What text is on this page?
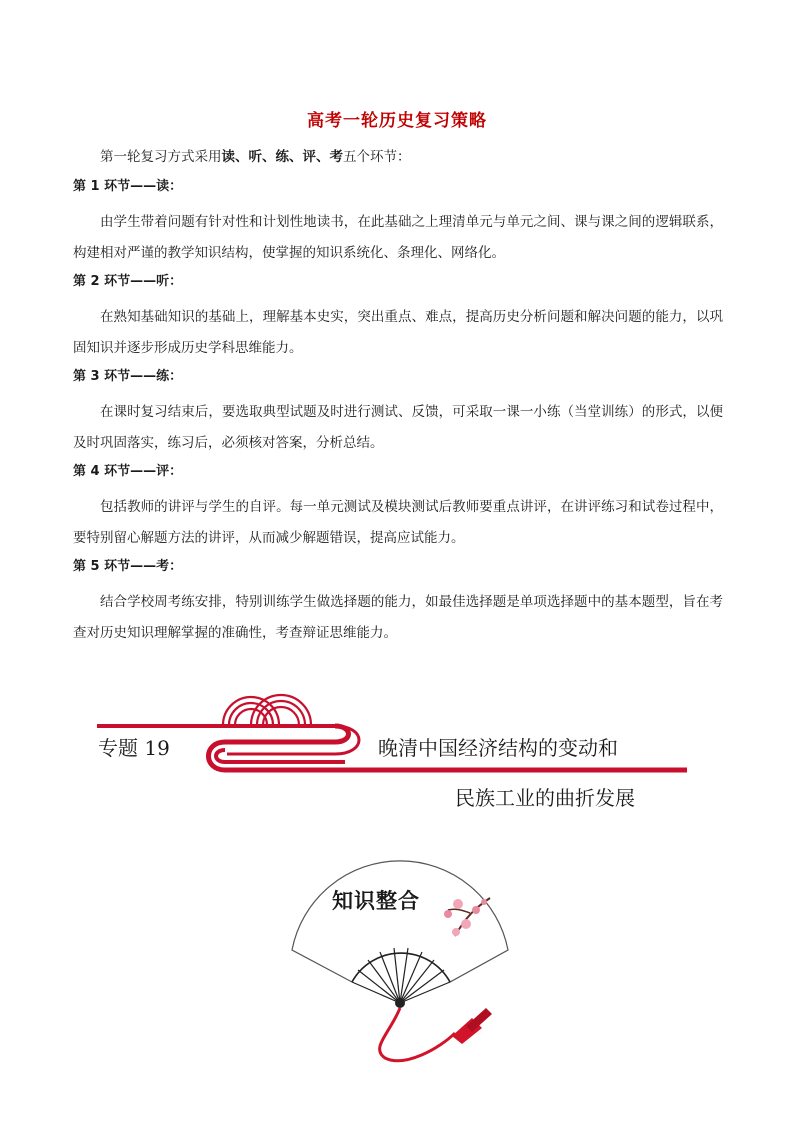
高考一轮历史复习策略
第一轮复习方式采用读、听、练、评、考五个环节：
第 1 环节——读：

由学生带着问题有针对性和计划性地读书，在此基础之上理清单元与单元之间、课与课之间的逻辑联系，构建相对严谨的教学知识结构，使掌握的知识系统化、条理化、网络化。

第 2 环节——听：

在熟知基础知识的基础上，理解基本史实，突出重点、难点，提高历史分析问题和解决问题的能力，以巩固知识并逐步形成历史学科思维能力。

第 3 环节——练：

在课时复习结束后，要选取典型试题及时进行测试、反馈，可采取一课一小练（当堂训练）的形式，以便及时巩固落实，练习后，必须核对答案，分析总结。

第 4 环节——评：

包括教师的讲评与学生的自评。每一单元测试及模块测试后教师要重点讲评，在讲评练习和试卷过程中，要特别留心解题方法的讲评，从而减少解题错误，提高应试能力。

第 5 环节——考：

结合学校周考练安排，特别训练学生做选择题的能力，如最佳选择题是单项选择题中的基本题型，旨在考查对历史知识理解掌握的准确性，考查辩证思维能力。

专题 19	晚清中国经济结构的变动和
民族工业的曲折发展
知识整合
